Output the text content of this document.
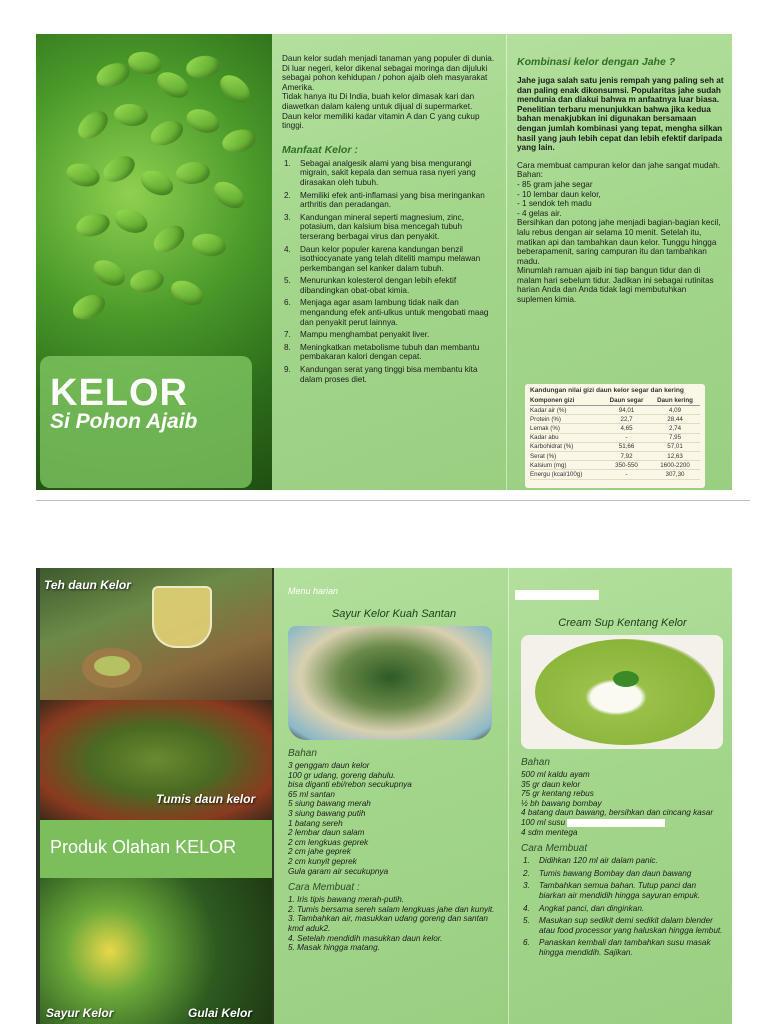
KELOR
Si Pohon Ajaib

Daun kelor sudah menjadi tanaman yang populer di dunia. Di luar negeri, kelor dikenal sebagai moringa dan dijuluki sebagai pohon kehidupan / pohon ajaib oleh masyarakat Amerika.

Tidak hanya itu Di India, buah kelor dimasak kari dan diawetkan dalam kaleng untuk dijual di supermarket.

Daun kelor memiliki kadar vitamin A dan C yang cukup tinggi.

Manfaat Kelor :
1. Sebagai analgesik alami yang bisa mengurangi migrain, sakit kepala dan semua rasa nyeri yang dirasakan oleh tubuh.
2. Memiliki efek anti-inflamasi yang bisa meringankan arthritis dan peradangan.
3. Kandungan mineral seperti magnesium, zinc, potasium, dan kalsium bisa mencegah tubuh terserang berbagai virus dan penyakit.
4. Daun kelor populer karena kandungan benzil isothiocyanate yang telah diteliti mampu melawan perkembangan sel kanker dalam tubuh.
5. Menurunkan kolesterol dengan lebih efektif dibandingkan obat-obat kimia.
6. Menjaga agar asam lambung tidak naik dan mengandung efek anti-ulkus untuk mengobati maag dan penyakit perut lainnya.
7. Mampu menghambat penyakit liver.
8. Meningkatkan metabolisme tubuh dan membantu pembakaran kalori dengan cepat.
9. Kandungan serat yang tinggi bisa membantu kita dalam proses diet.
Kombinasi kelor dengan Jahe ?

Jahe juga salah satu jenis rempah yang paling seh at dan paling enak dikonsumsi. Popularitas jahe sudah mendunia dan diakui bahwa m anfaatnya luar biasa.

Penelitian terbaru menunjukkan bahwa jika kedua bahan menakjubkan ini digunakan bersamaan dengan jumlah kombinasi yang tepat, mengha silkan hasil yang jauh lebih cepat dan lebih efektif daripada yang lain.

Cara membuat campuran kelor dan jahe sangat mudah.

Bahan:

- 85 gram jahe segar

- 10 lembar daun kelor,

- 1 sendok teh madu

- 4 gelas air.

Bersihkan dan potong jahe menjadi bagian-bagian kecil, lalu rebus dengan air selama 10 menit. Setelah itu, matikan api dan tambahkan daun kelor. Tunggu hingga beberapamenit, saring campuran itu dan tambahkan madu.

Minumlah ramuan ajaib ini tiap bangun tidur dan di malam hari sebelum tidur. Jadikan ini sebagai rutinitas harian Anda dan Anda tidak lagi membutuhkan suplemen kimia.

Kandungan nilai gizi daun kelor segar dan kering
Komponen gizi	Daun segar	Daun kering
Kadar air (%)	94,01	4,09
Protein (%)	22,7	28,44
Lemak (%)	4,65	2,74
Kadar abu	-	7,95
Karbohidrat (%)	51,66	57,01
Serat (%)	7,92	12,63
Kalsium (mg)	350-550	1600-2200
Energu (kcal/100g)	-	307,30
Teh daun Kelor
Tumis daun kelor
Produk Olahan KELOR
Sayur Kelor	Gulai Kelor
Menu harian
Sayur Kelor Kuah Santan
Bahan

3 genggam daun kelor

100 gr udang, goreng dahulu.

bisa diganti ebi/rebon secukupnya

65 ml santan

5 siung bawang merah

3 siung bawang putih

1 batang sereh

2 lembar daun salam

2 cm lengkuas geprek

2 cm jahe geprek

2 cm kunyit geprek

Gula garam air secukupnya

Cara Membuat :

1. Iris tipis bawang merah-putih.

2. Tumis bersama sereh salam lengkuas jahe dan kunyit.

3. Tambahkan air, masukkan udang goreng dan santan kmd aduk2.

4. Setelah mendidih masukkan daun kelor.

5. Masak hingga matang.

Cream Sup Kentang Kelor
Bahan

500 ml kaldu ayam

35 gr daun kelor

75 gr kentang rebus

½ bh bawang bombay

4 batang daun bawang, bersihkan dan cincang kasar

100 ml susu

4 sdm mentega

Cara Membuat
1. Didihkan 120 ml air dalam panic.
2. Tumis bawang Bombay dan daun bawang
3. Tambahkan semua bahan. Tutup panci dan biarkan air mendidih hingga sayuran empuk.
4. Angkat panci, dan dinginkan.
5. Masukan sup sedikit demi sedikit dalam blender atau food processor yang haluskan hingga lembut.
6. Panaskan kembali dan tambahkan susu masak hingga mendidih. Sajikan.
